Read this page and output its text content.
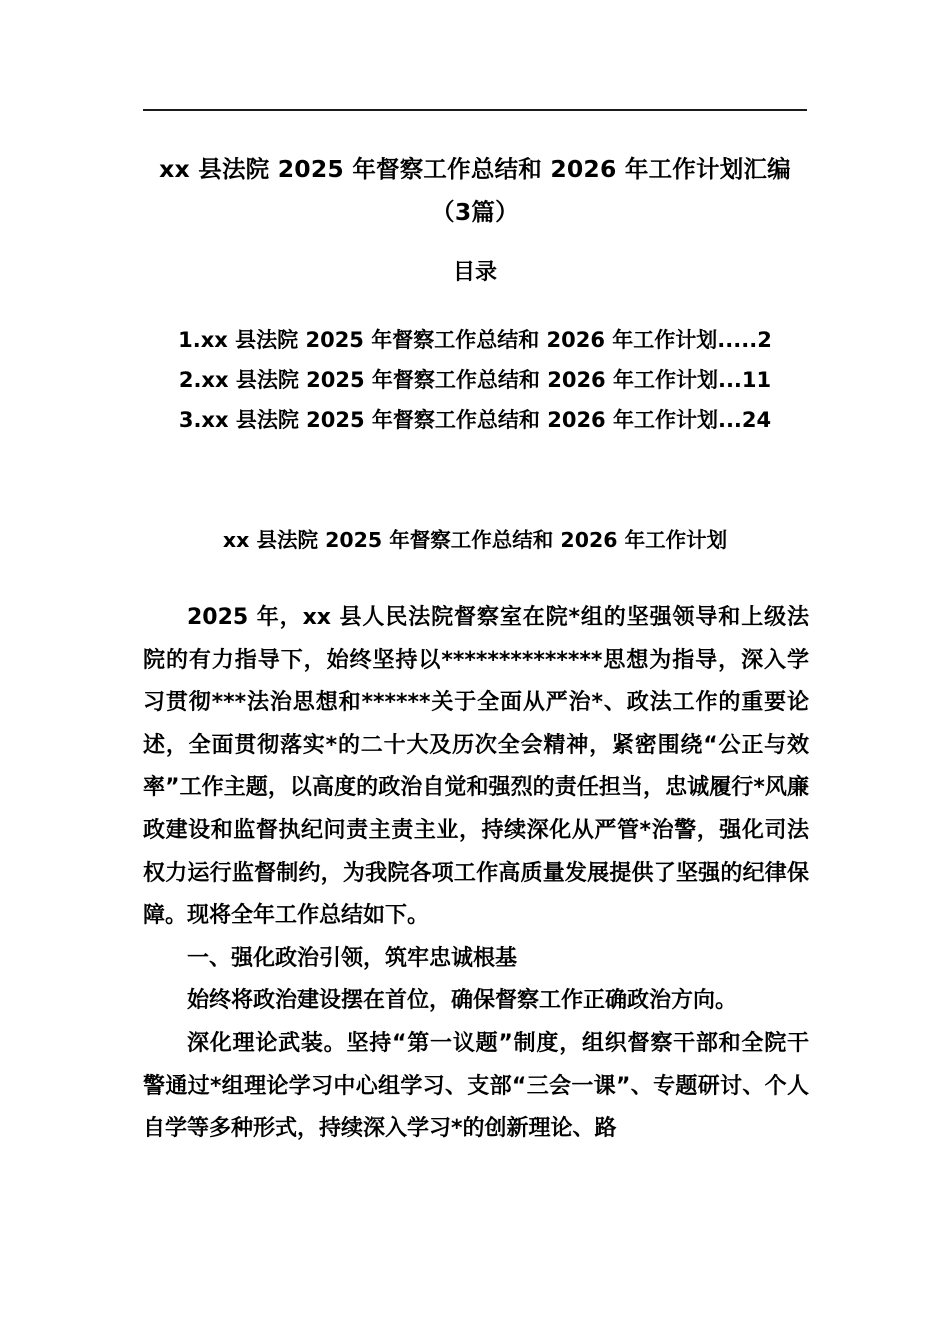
xx 县法院 2025 年督察工作总结和 2026 年工作计划汇编（3篇）
目录
1.xx 县法院 2025 年督察工作总结和 2026 年工作计划.....2
2.xx 县法院 2025 年督察工作总结和 2026 年工作计划...11
3.xx 县法院 2025 年督察工作总结和 2026 年工作计划...24
xx 县法院 2025 年督察工作总结和 2026 年工作计划

2025 年，xx 县人民法院督察室在院*组的坚强领导和上级法院的有力指导下，始终坚持以**************思想为指导，深入学习贯彻***法治思想和******关于全面从严治*、政法工作的重要论述，全面贯彻落实*的二十大及历次全会精神，紧密围绕“公正与效率”工作主题，以高度的政治自觉和强烈的责任担当，忠诚履行*风廉政建设和监督执纪问责主责主业，持续深化从严管*治警，强化司法权力运行监督制约，为我院各项工作高质量发展提供了坚强的纪律保障。现将全年工作总结如下。

一、强化政治引领，筑牢忠诚根基

始终将政治建设摆在首位，确保督察工作正确政治方向。

深化理论武装。坚持“第一议题”制度，组织督察干部和全院干警通过*组理论学习中心组学习、支部“三会一课”、专题研讨、个人自学等多种形式，持续深入学习*的创新理论、路
